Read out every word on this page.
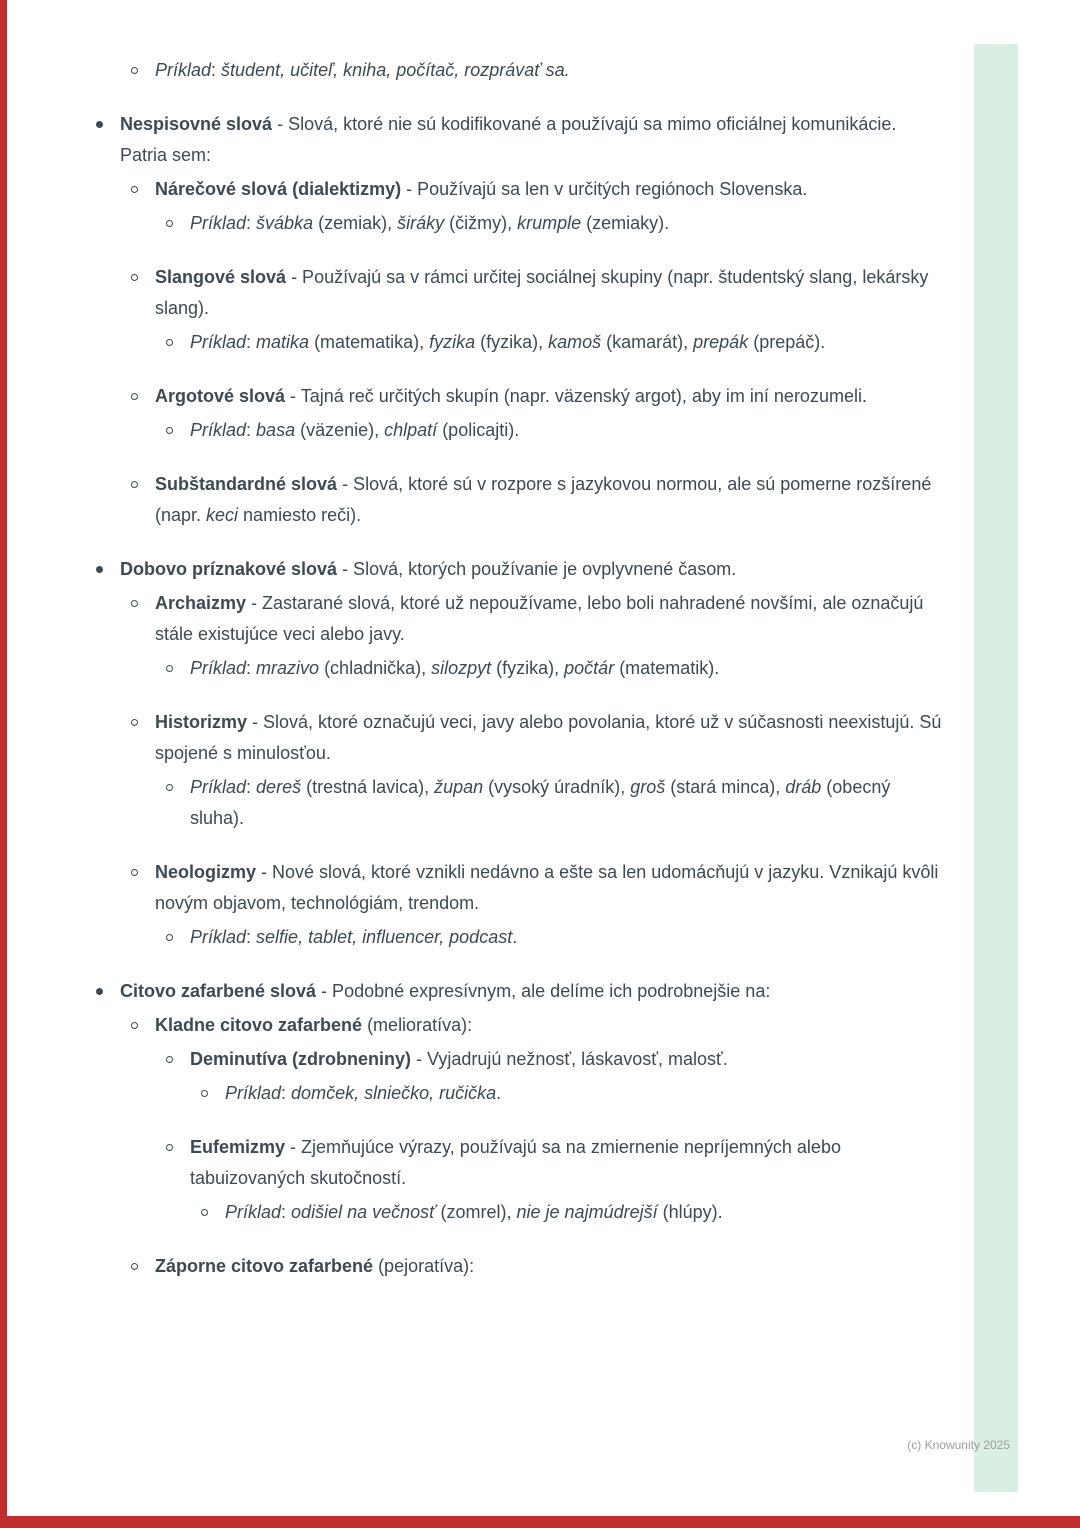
Príklad: študent, učiteľ, kniha, počítač, rozprávať sa.
Nespisovné slová - Slová, ktoré nie sú kodifikované a používajú sa mimo oficiálnej komunikácie. Patria sem:
Nárečové slová (dialektizmy) - Používajú sa len v určitých regiónoch Slovenska.
Príklad: švábka (zemiak), širáky (čižmy), krumple (zemiaky).
Slangové slová - Používajú sa v rámci určitej sociálnej skupiny (napr. študentský slang, lekársky slang).
Príklad: matika (matematika), fyzika (fyzika), kamoš (kamarát), prepák (prepáč).
Argotové slová - Tajná reč určitých skupín (napr. väzenský argot), aby im iní nerozumeli.
Príklad: basa (väzenie), chlpatí (policajti).
Subštandardné slová - Slová, ktoré sú v rozpore s jazykovou normou, ale sú pomerne rozšírené (napr. keci namiesto reči).
Dobovo príznakové slová - Slová, ktorých používanie je ovplyvnené časom.
Archaizmy - Zastarané slová, ktoré už nepoužívame, lebo boli nahradené novšími, ale označujú stále existujúce veci alebo javy.
Príklad: mrazivo (chladnička), silozpyt (fyzika), počtár (matematik).
Historizmy - Slová, ktoré označujú veci, javy alebo povolania, ktoré už v súčasnosti neexistujú. Sú spojené s minulosťou.
Príklad: dereš (trestná lavica), župan (vysoký úradník), groš (stará minca), dráb (obecný sluha).
Neologizmy - Nové slová, ktoré vznikli nedávno a ešte sa len udomácňujú v jazyku. Vznikajú kvôli novým objavom, technológiám, trendom.
Príklad: selfie, tablet, influencer, podcast.
Citovo zafarbené slová - Podobné expresívnym, ale delíme ich podrobnejšie na:
Kladne citovo zafarbené (melioratíva):
Deminutíva (zdrobneniny) - Vyjadrujú nežnosť, láskavosť, malosť.
Príklad: domček, slniečko, ručička.
Eufemizmy - Zjemňujúce výrazy, používajú sa na zmiernenie nepríjemných alebo tabuizovaných skutočností.
Príklad: odišiel na večnosť (zomrel), nie je najmúdrejší (hlúpy).
Záporne citovo zafarbené (pejoratíva):
(c) Knowunity 2025
